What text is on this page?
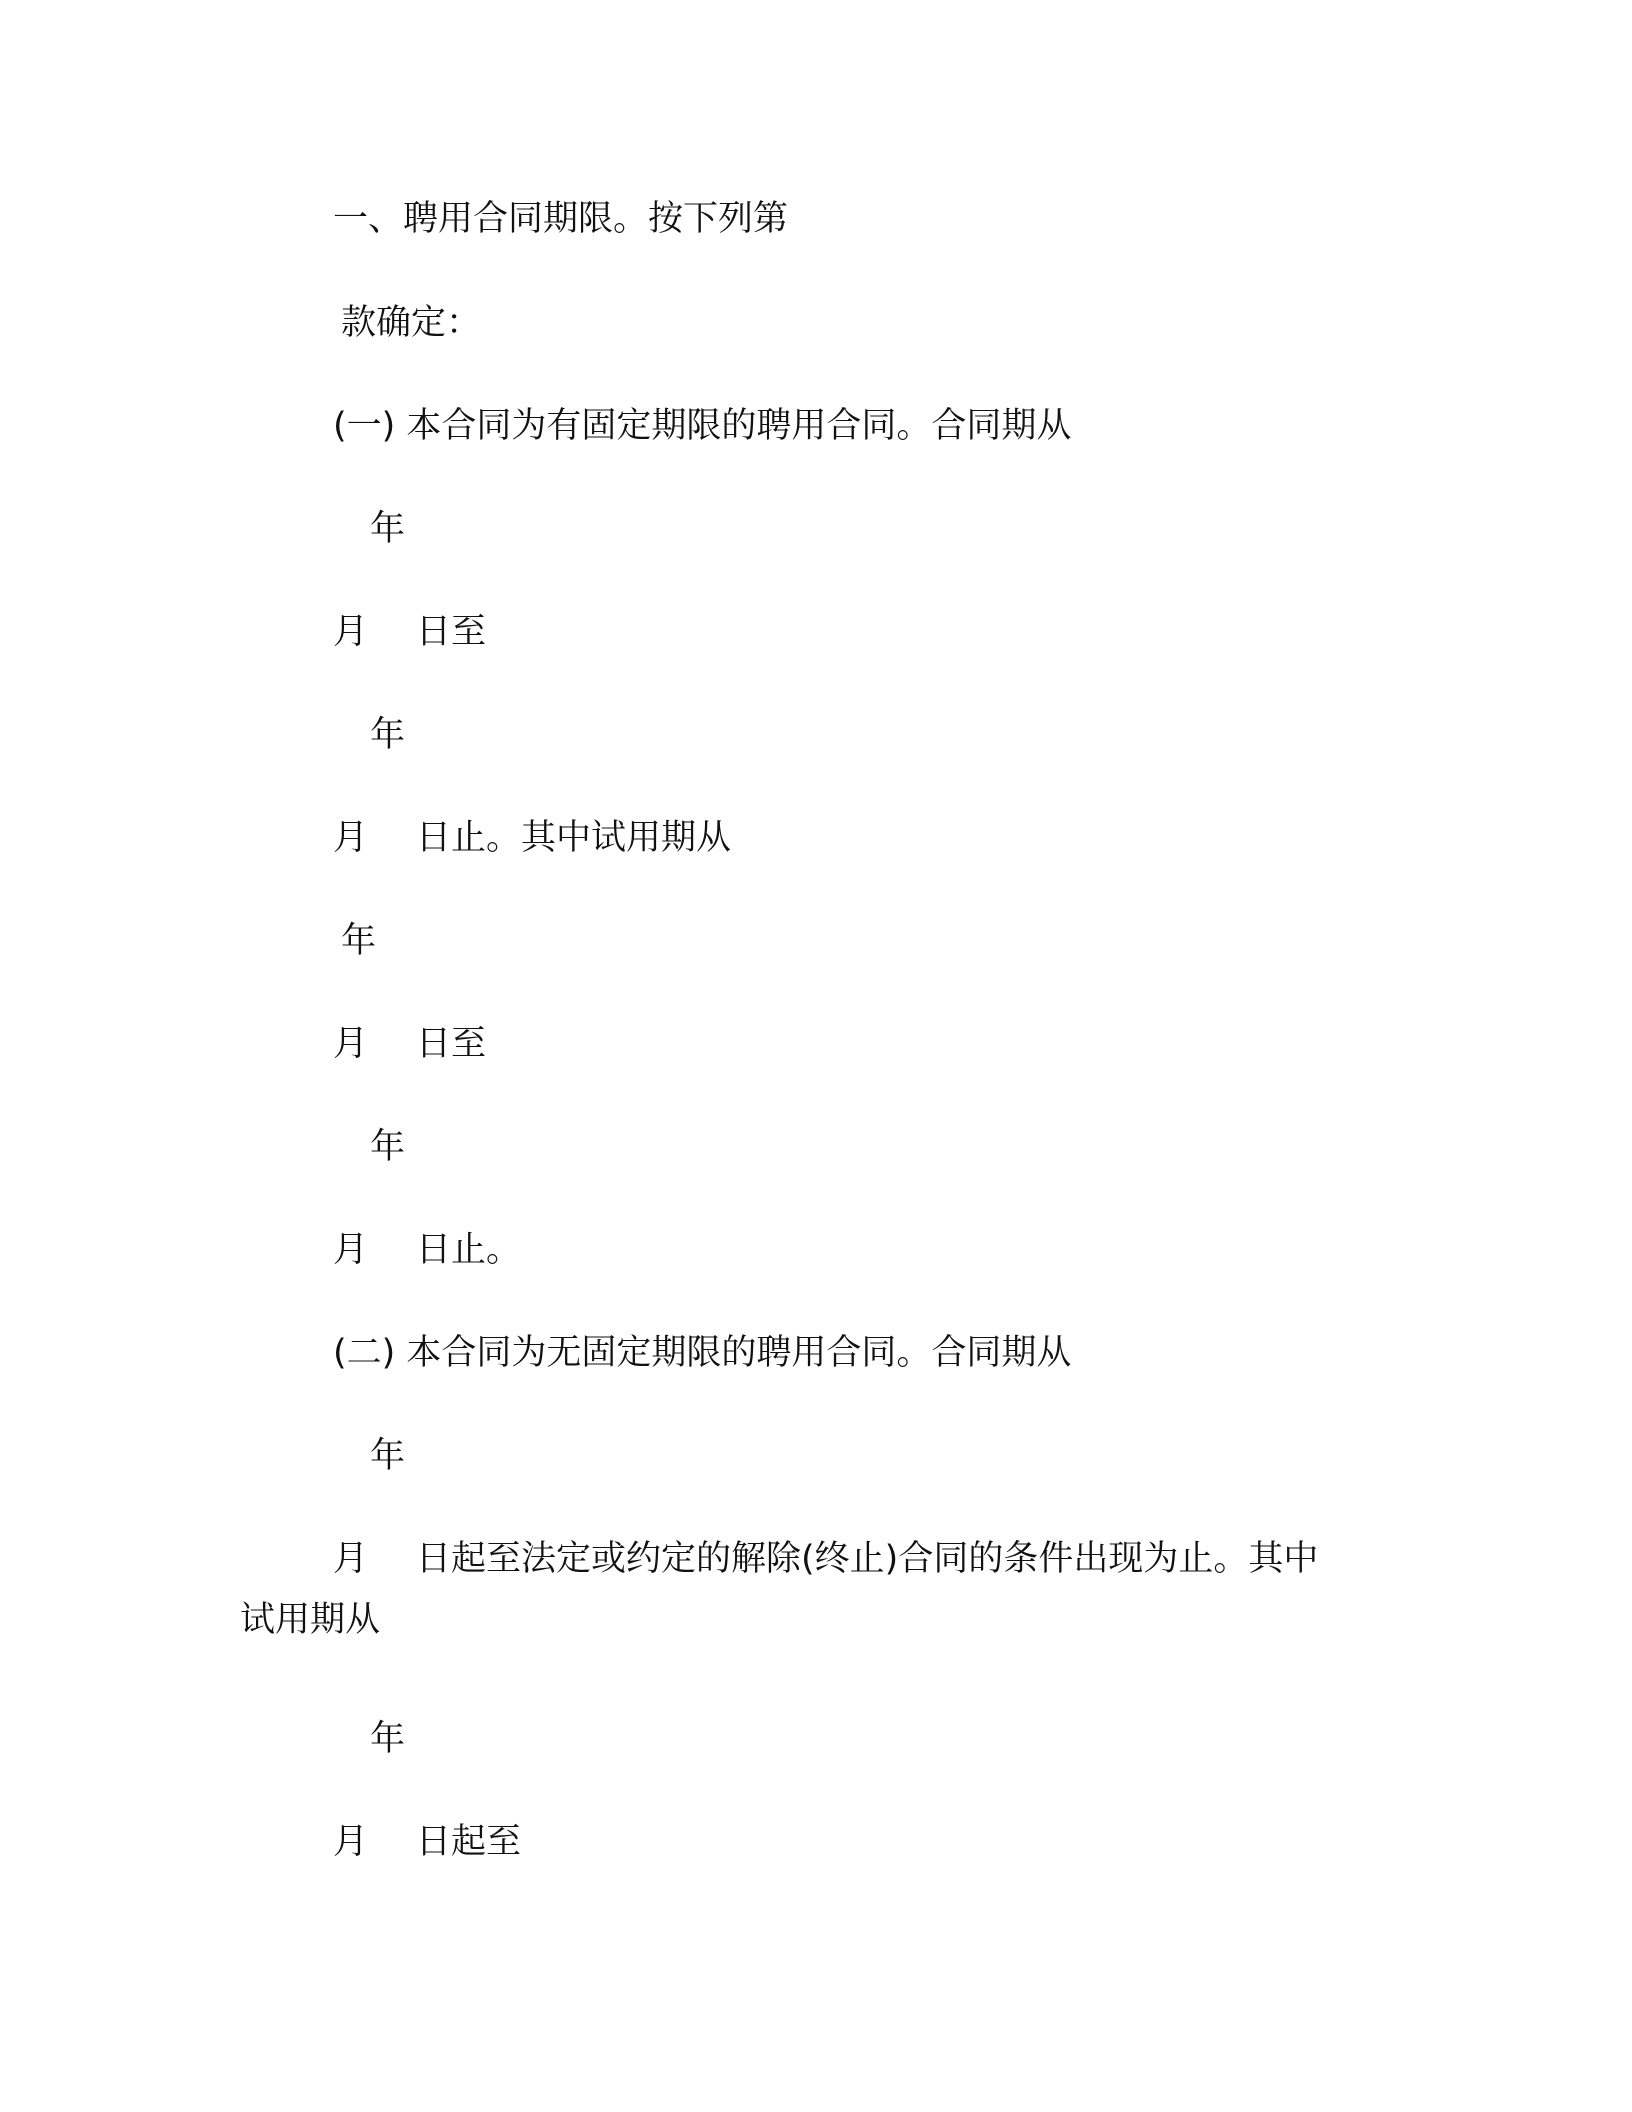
一、聘用合同期限。按下列第
款确定：
(一) 本合同为有固定期限的聘用合同。合同期从
年
月 日至
年
月 日止。其中试用期从
年
月 日至
年
月 日止。
(二) 本合同为无固定期限的聘用合同。合同期从
年
月 日起至法定或约定的解除(终止)合同的条件出现为止。其中
试用期从
年
月 日起至
